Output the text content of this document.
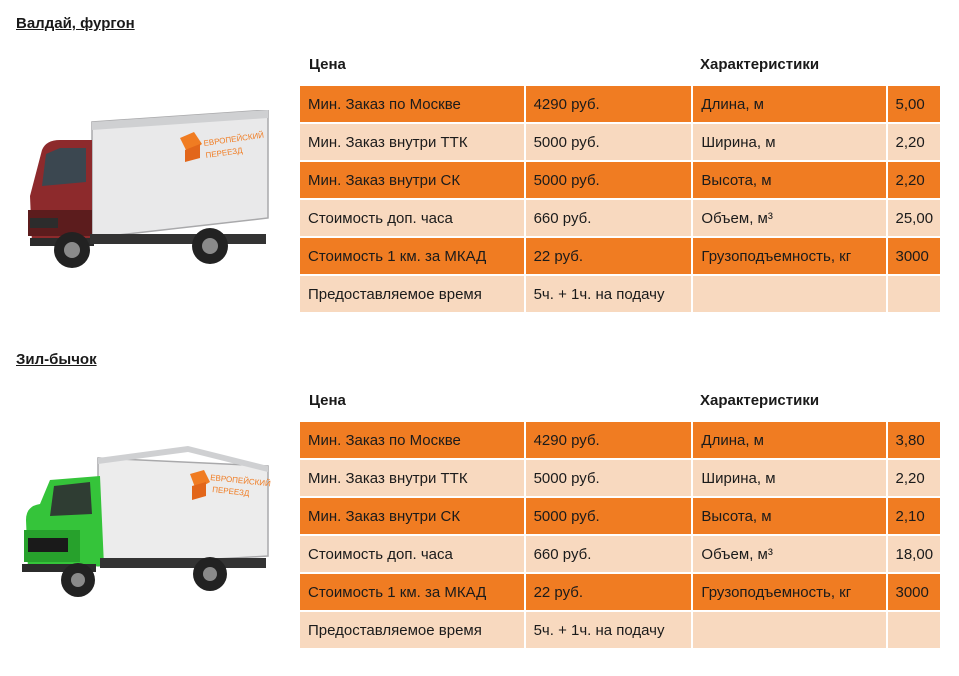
Валдай, фургон
ЕВРОПЕЙСКИЙ
ПЕРЕЕЗД
Цена	Характеристики
Мин. Заказ по Москве	4290 руб.	Длина, м	5,00
Мин. Заказ внутри ТТК	5000 руб.	Ширина, м	2,20
Мин. Заказ внутри СК	5000 руб.	Высота, м	2,20
Стоимость доп. часа	660 руб.	Объем, м³	25,00
Стоимость 1 км. за МКАД	22 руб.	Грузоподъемность, кг	3000
Предоставляемое время	5ч. + 1ч. на подачу		
Зил-бычок
ЕВРОПЕЙСКИЙ
ПЕРЕЕЗД
Цена	Характеристики
Мин. Заказ по Москве	4290 руб.	Длина, м	3,80
Мин. Заказ внутри ТТК	5000 руб.	Ширина, м	2,20
Мин. Заказ внутри СК	5000 руб.	Высота, м	2,10
Стоимость доп. часа	660 руб.	Объем, м³	18,00
Стоимость 1 км. за МКАД	22 руб.	Грузоподъемность, кг	3000
Предоставляемое время	5ч. + 1ч. на подачу		
